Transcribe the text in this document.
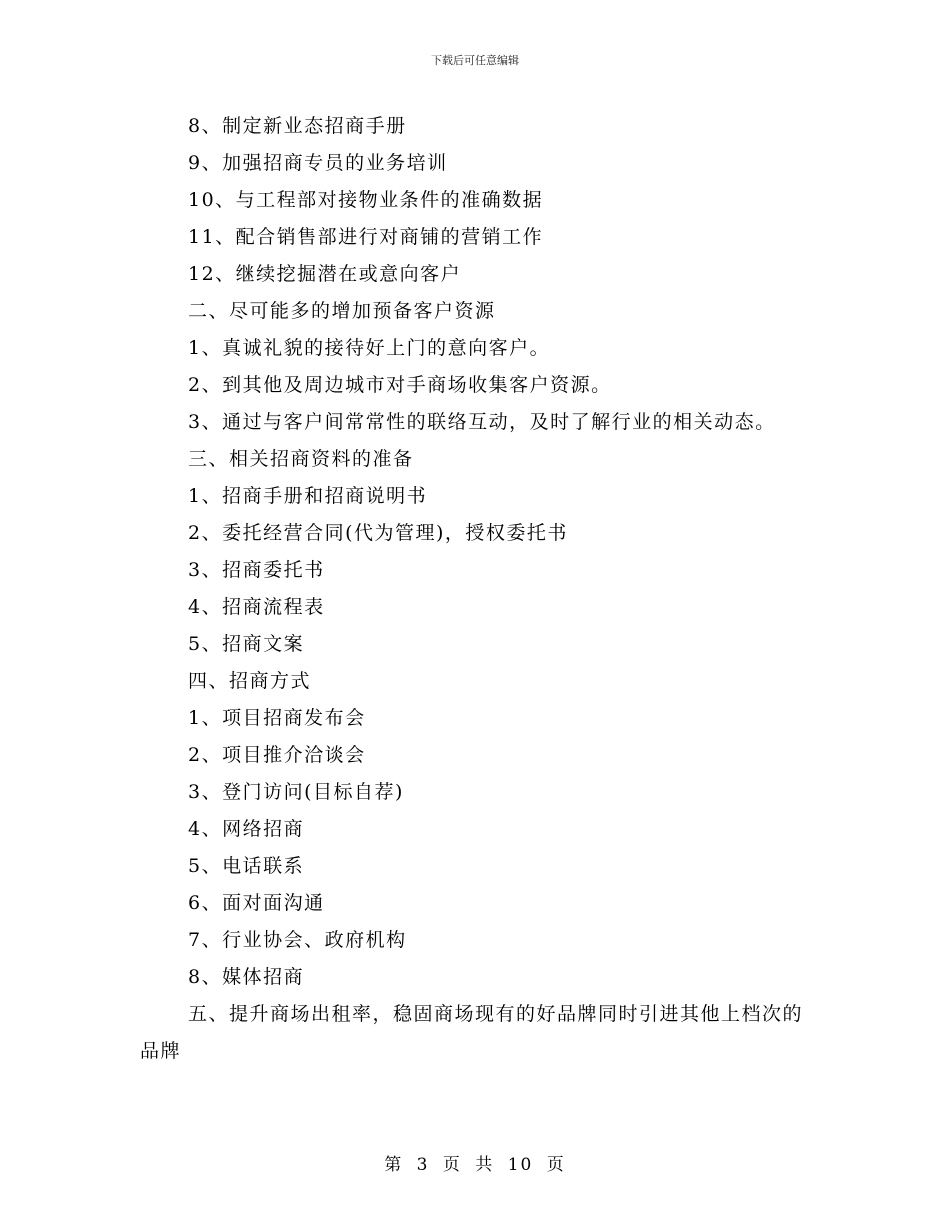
下载后可任意编辑
8、制定新业态招商手册
9、加强招商专员的业务培训
10、与工程部对接物业条件的准确数据
11、配合销售部进行对商铺的营销工作
12、继续挖掘潜在或意向客户
二、尽可能多的增加预备客户资源
1、真诚礼貌的接待好上门的意向客户。
2、到其他及周边城市对手商场收集客户资源。
3、通过与客户间常常性的联络互动，及时了解行业的相关动态。
三、相关招商资料的准备
1、招商手册和招商说明书
2、委托经营合同(代为管理)，授权委托书
3、招商委托书
4、招商流程表
5、招商文案
四、招商方式
1、项目招商发布会
2、项目推介洽谈会
3、登门访问(目标自荐)
4、网络招商
5、电话联系
6、面对面沟通
7、行业协会、政府机构
8、媒体招商
五、提升商场出租率，稳固商场现有的好品牌同时引进其他上档次的品牌
第 3 页 共 10 页
